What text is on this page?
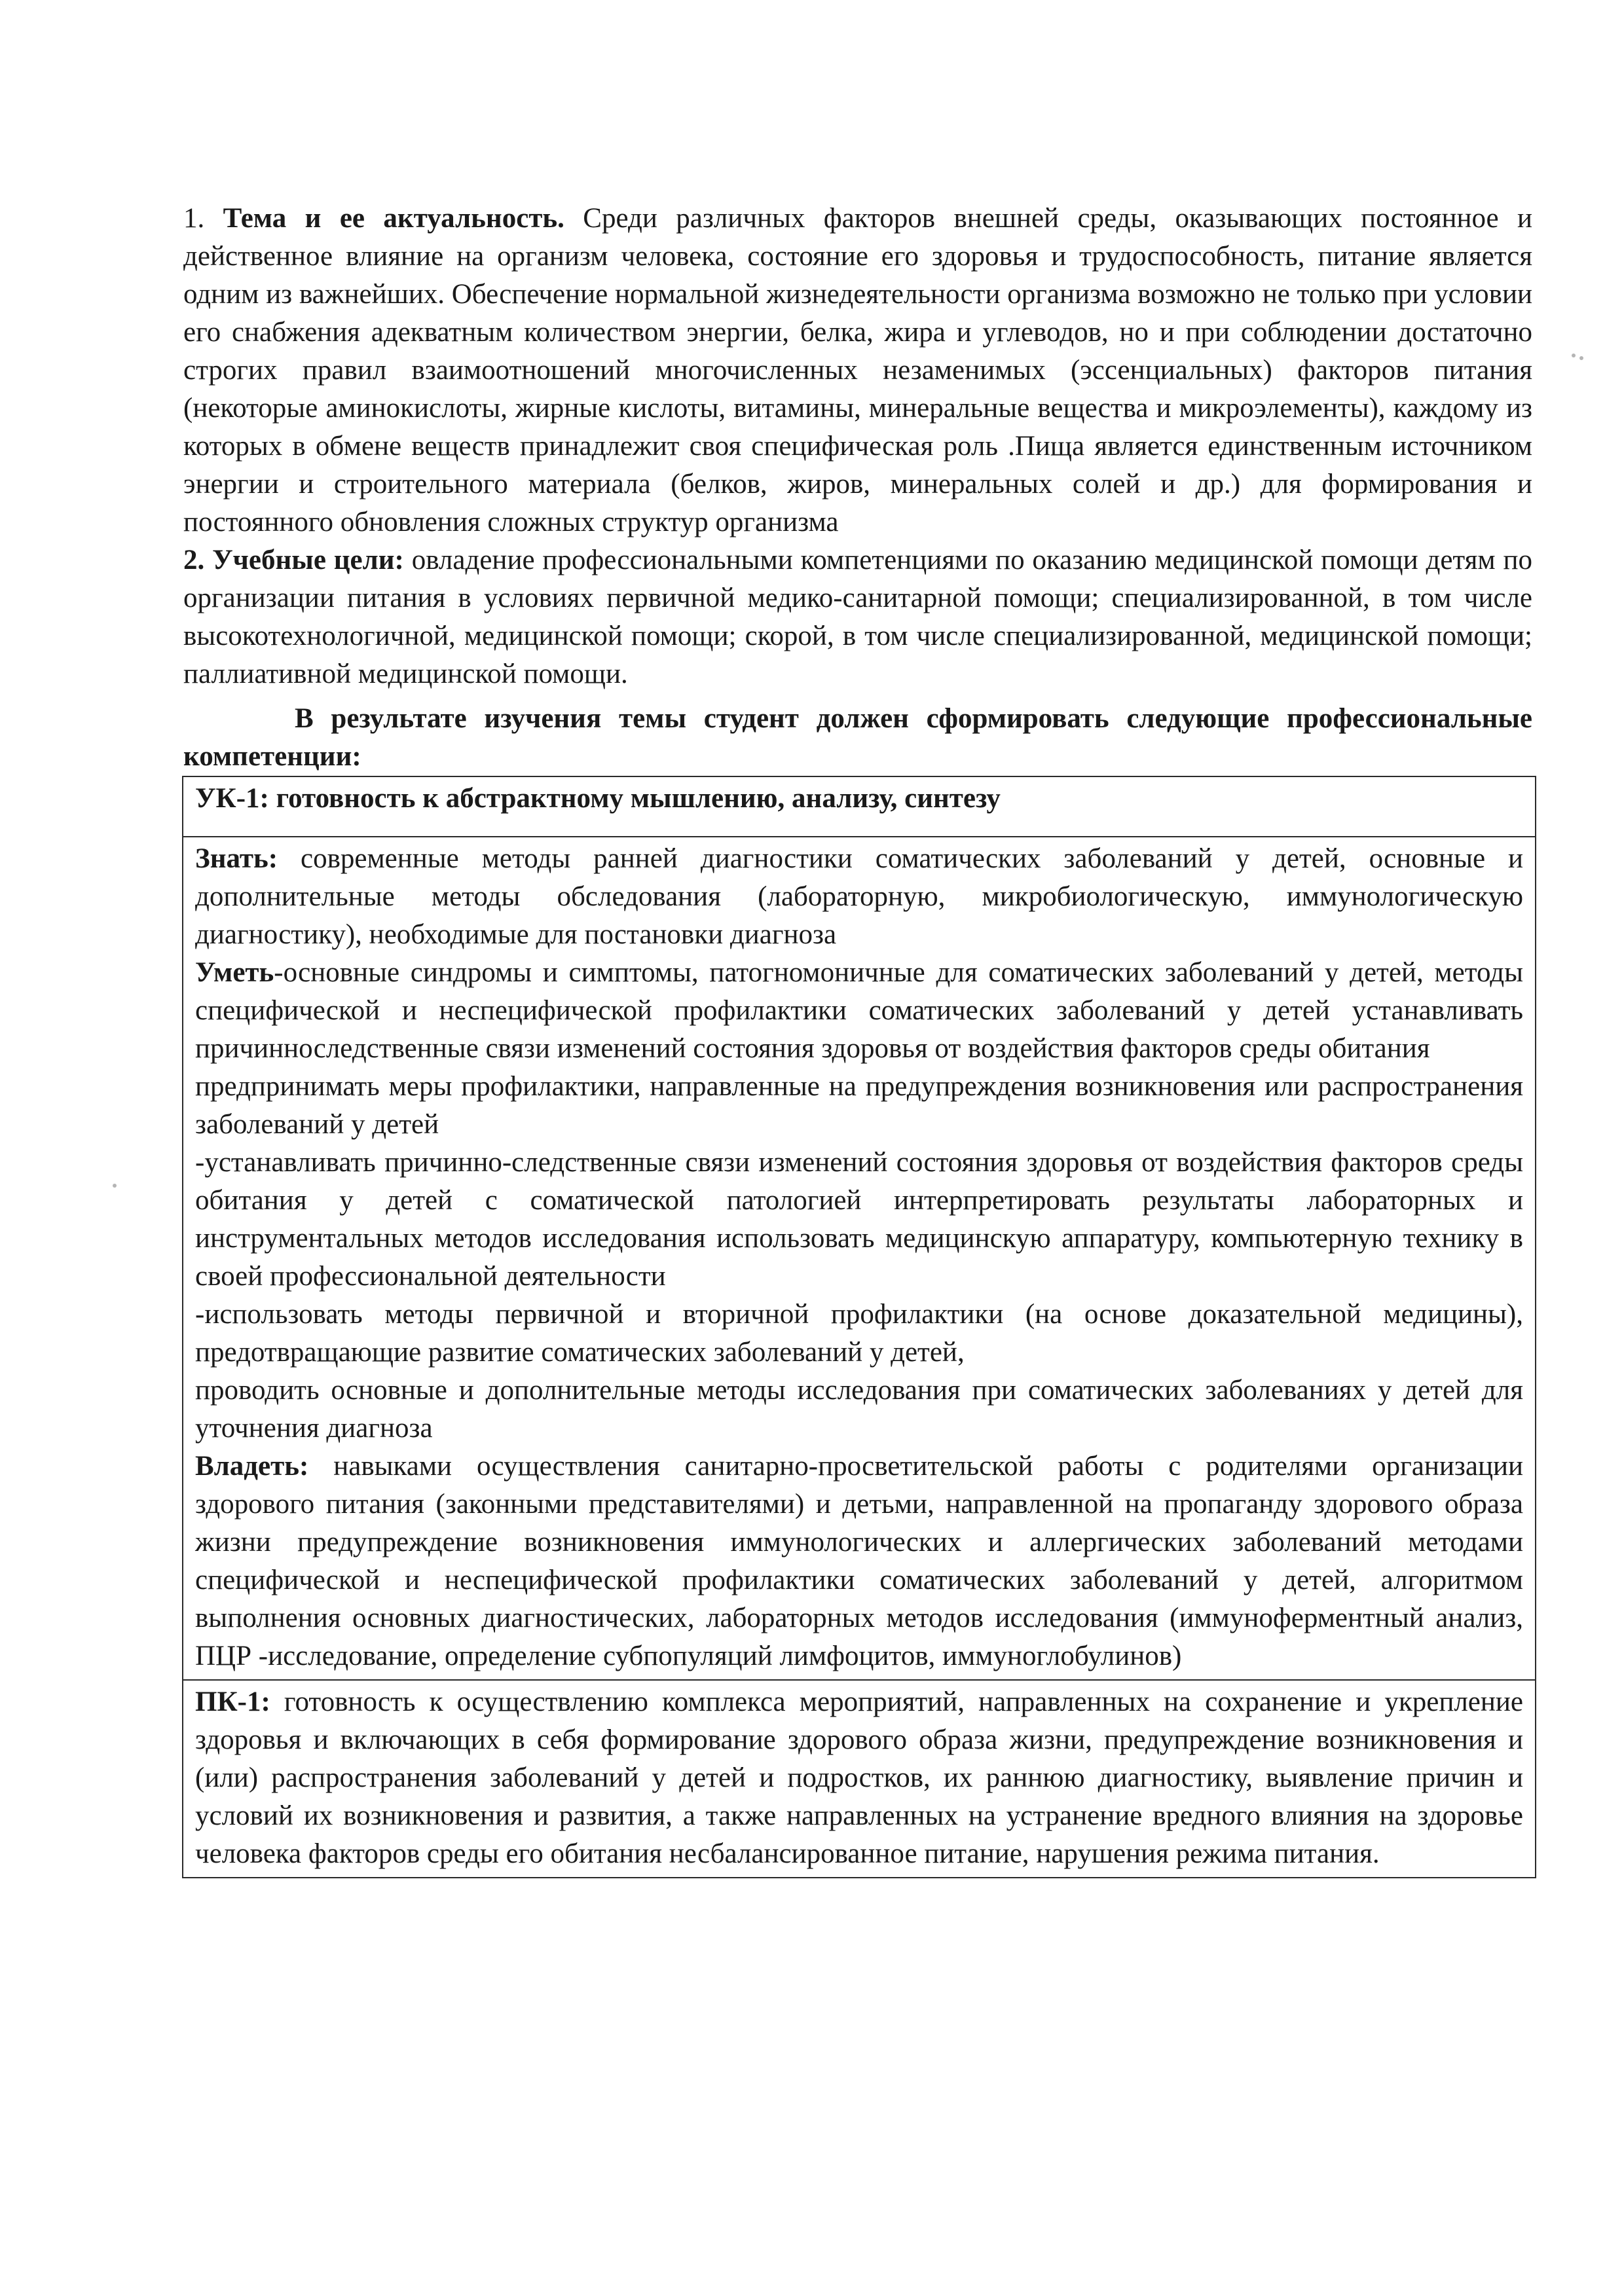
1. Тема и ее актуальность. Среди различных факторов внешней среды, оказывающих постоянное и действенное влияние на организм человека, состояние его здоровья и трудоспособность, питание является одним из важнейших. Обеспечение нормальной жизнедеятельности организма возможно не только при условии его снабжения адекватным количеством энергии, белка, жира и углеводов, но и при соблюдении достаточно строгих правил взаимоотношений многочисленных незаменимых (эссенциальных) факторов питания (некоторые аминокислоты, жирные кислоты, витамины, минеральные вещества и микроэлементы), каждому из которых в обмене веществ принадлежит своя специфическая роль .Пища является единственным источником энергии и строительного материала (белков, жиров, минеральных солей и др.) для формирования и постоянного обновления сложных структур организма

2. Учебные цели: овладение профессиональными компетенциями по оказанию медицинской помощи детям по организации питания в условиях первичной медико-санитарной помощи; специализированной, в том числе высокотехнологичной, медицинской помощи; скорой, в том числе специализированной, медицинской помощи; паллиативной медицинской помощи.

В результате изучения темы студент должен сформировать следующие профессиональные компетенции:

УК-1: готовность к абстрактному мышлению, анализу, синтезу

Знать: современные методы ранней диагностики соматических заболеваний у детей, основные и дополнительные методы обследования (лабораторную, микробиологическую, иммунологическую диагностику), необходимые для постановки диагноза
Уметь-основные синдромы и симптомы, патогномоничные для соматических заболеваний у детей, методы специфической и неспецифической профилактики соматических заболеваний у детей устанавливать причинноследственные связи изменений состояния здоровья от воздействия факторов среды обитания
предпринимать меры профилактики, направленные на предупреждения возникновения или распространения заболеваний у детей
-устанавливать причинно-следственные связи изменений состояния здоровья от воздействия факторов среды обитания у детей с соматической патологией интерпретировать результаты лабораторных и инструментальных методов исследования использовать медицинскую аппаратуру, компьютерную технику в своей профессиональной деятельности
-использовать методы первичной и вторичной профилактики (на основе доказательной медицины), предотвращающие развитие соматических заболеваний у детей,
проводить основные и дополнительные методы исследования при соматических заболеваниях у детей для уточнения диагноза
Владеть: навыками осуществления санитарно-просветительской работы с родителями организации здорового питания (законными представителями) и детьми, направленной на пропаганду здорового образа жизни предупреждение возникновения иммунологических и аллергических заболеваний методами специфической и неспецифической профилактики соматических заболеваний у детей, алгоритмом выполнения основных диагностических, лабораторных методов исследования (иммуноферментный анализ, ПЦР -исследование, определение субпопуляций лимфоцитов, иммуноглобулинов)

ПК-1: готовность к осуществлению комплекса мероприятий, направленных на сохранение и укрепление здоровья и включающих в себя формирование здорового образа жизни, предупреждение возникновения и (или) распространения заболеваний у детей и подростков, их раннюю диагностику, выявление причин и условий их возникновения и развития, а также направленных на устранение вредного влияния на здоровье человека факторов среды его обитания несбалансированное питание, нарушения режима питания.
